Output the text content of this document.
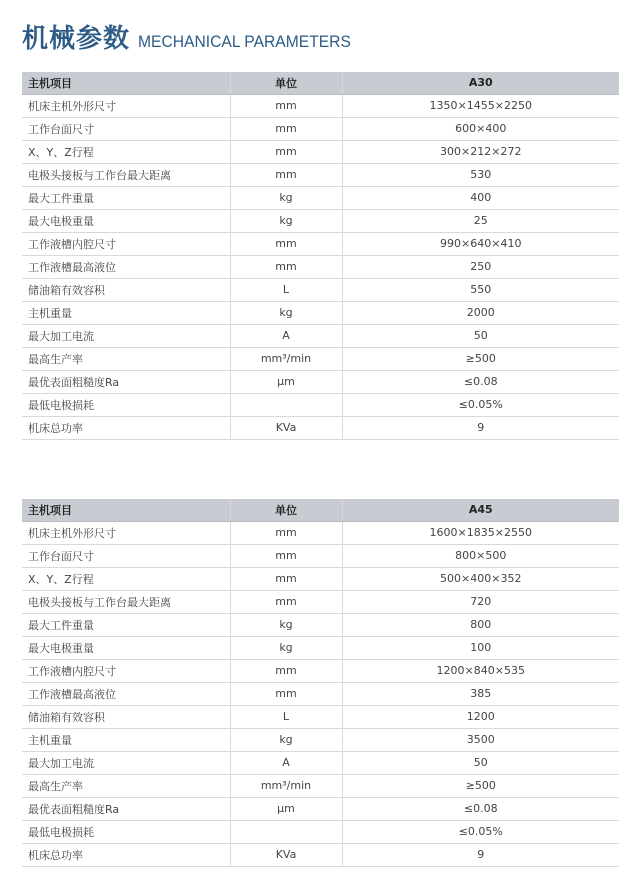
机械参数 MECHANICAL PARAMETERS
主机项目	单位	A30
机床主机外形尺寸	mm	1350×1455×2250
工作台面尺寸	mm	600×400
X、Y、Z行程	mm	300×212×272
电极头接板与工作台最大距离	mm	530
最大工件重量	kg	400
最大电极重量	kg	25
工作液槽内腔尺寸	mm	990×640×410
工作液槽最高液位	mm	250
储油箱有效容积	L	550
主机重量	kg	2000
最大加工电流	A	50
最高生产率	mm³/min	≥500
最优表面粗糙度Ra	μm	≤0.08
最低电极损耗		≤0.05%
机床总功率	KVa	9
主机项目	单位	A45
机床主机外形尺寸	mm	1600×1835×2550
工作台面尺寸	mm	800×500
X、Y、Z行程	mm	500×400×352
电极头接板与工作台最大距离	mm	720
最大工件重量	kg	800
最大电极重量	kg	100
工作液槽内腔尺寸	mm	1200×840×535
工作液槽最高液位	mm	385
储油箱有效容积	L	1200
主机重量	kg	3500
最大加工电流	A	50
最高生产率	mm³/min	≥500
最优表面粗糙度Ra	μm	≤0.08
最低电极损耗		≤0.05%
机床总功率	KVa	9
